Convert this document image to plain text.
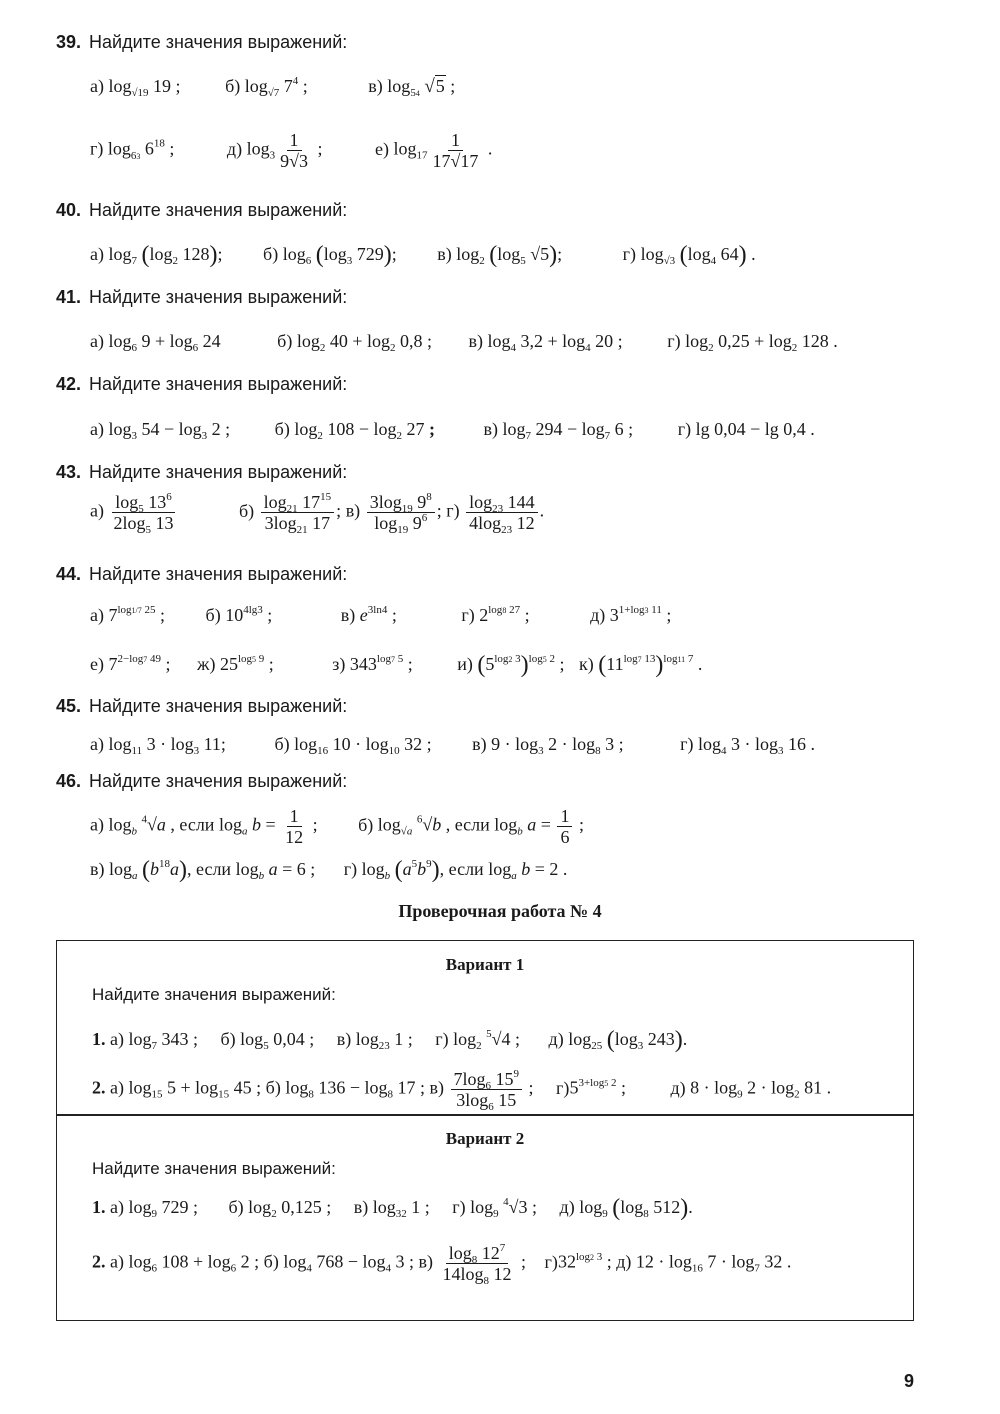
39. Найдите значения выражений:
а) $\log_{√19} 19$ ; б) $\log_{√7} 7^4$ ;	в) $\log_{54} √5$ ;
г) $\log_{63} 6^{18}$ ;	д) $\log_3 \frac{1}{9√3}$ ;	е) $\log_{17} \frac{1}{17√17}$ .
40. Найдите значения выражений:
а) $\log_7 (\log_2$ 128); б) $\log_6 (\log_3$ 729); в) $\log_2 (\log_5$ √5);	г) $\log_{√3} (\log_4$ 64) .
41. Найдите значения выражений:
а) $\log_6 9 + \log_6 24$	б) $\log_2 40 + \log_2 0,8$ ; в) $\log_4 3,2 + \log_4 20$ ; г) $\log_2 0,25 + \log_2 128$ .
42. Найдите значения выражений:
а) $\log_3 54 - \log_3 2$ ; б) $\log_2 108 - \log_2 27$ ;	в) $\log_7 294 - \log_7 6$ ; г) lg 0,04 − lg 0,4 .
43. Найдите значения выражений:
$а) \frac{\log_5 13^6}{2\log_5 13}$	$б) \frac{\log_{21} 17^{15}}{3\log_{21} 17}$ ; $в) \frac{3\log_{19} 9^8}{\log_{19} 9^6}$ ; $г) \frac{\log_{23} 144}{4\log_{23} 12}$ .
44. Найдите значения выражений:
а) $7^{log1/7 25}$ ; б) $10^{4lg3}$ ;	в) $e^{3ln4}$ ;	г) $2^{log8 27}$ ;	д) $3^{1+log3 11}$ ;
е) $7^{2-log7 49}$ ; ж) $25^{log5 9}$ ;	з) $343^{log7 5}$ ; и) $(5^{log2 3})^{log5 2}$ ; к) $(11^{log7 13})^{log11 7}$ .
45. Найдите значения выражений:
а) $\log_{11} 3 \cdot \log_3 11$; б) $\log_{16} 10 \cdot \log_{10} 32$ ; в) $9 \cdot \log_3 2 \cdot \log_8 3$ ;	г) $\log_4 3 \cdot \log_3 16$ .
46. Найдите значения выражений:
а) $\log_b ^4√a$ , если $\log_a b = \frac{1}{12}$ ; б) $\log_{√a} ^6√b$ , если $\log_b a = \frac{1}{6}$ ;
в) $\log_a (b^{18}a)$, если $\log_b a = 6$ ; г) $\log_b (a^5b^9)$, если $\log_a b = 2$ .
Проверочная работа № 4
Вариант 1
Найдите значения выражений:
1. а) $\log_7 343$ ; б) $\log_5 0,04$ ; в) $\log_{23} 1$ ; г) $\log_2 ^5√4$ ; д) $\log_{25} (\log_3$ 243).
2. а) $\log_{15} 5 + \log_{15} 45$ ; б) $\log_8 136 - \log_8 17$ ; $в) \frac{7\log_6 15^9}{3\log_6 15}$ ; $г)5^{3+log5 2}$ ; д) $8 \cdot \log_9 2 \cdot \log_2 81$ .
Вариант 2
Найдите значения выражений:
1. а) $\log_9 729$ ; б) $\log_2 0,125$ ; в) $\log_{32} 1$ ; г) $\log_9 ^4√3$ ; д) $\log_9 (\log_8$ 512).
2. а) $\log_6 108 + \log_6 2$ ; б) $\log_4 768 - \log_4 3$ ; $в) \frac{\log_8 12^7}{14\log_8 12}$ ; $г)32^{log2 3}$ ; д) $12 \cdot \log_{16} 7 \cdot \log_7 32$ .
9
